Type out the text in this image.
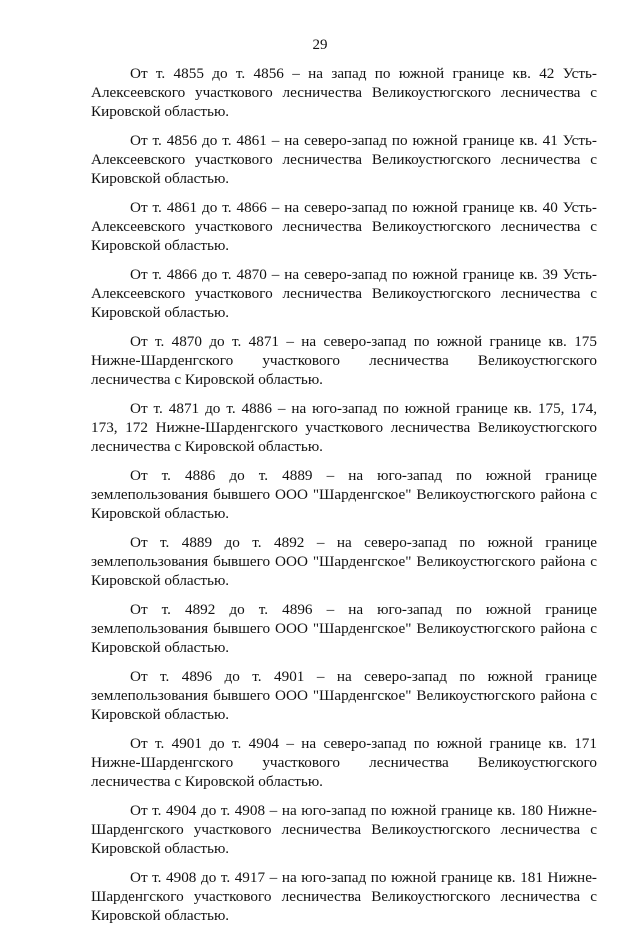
29

От т. 4855 до т. 4856 – на запад по южной границе кв. 42 Усть-Алексеевского участкового лесничества Великоустюгского лесничества с Кировской областью.

От т. 4856 до т. 4861 – на северо-запад по южной границе кв. 41 Усть-Алексеевского участкового лесничества Великоустюгского лесничества с Кировской областью.

От т. 4861 до т. 4866 – на северо-запад по южной границе кв. 40 Усть-Алексеевского участкового лесничества Великоустюгского лесничества с Кировской областью.

От т. 4866 до т. 4870 – на северо-запад по южной границе кв. 39 Усть-Алексеевского участкового лесничества Великоустюгского лесничества с Кировской областью.

От т. 4870 до т. 4871 – на северо-запад по южной границе кв. 175 Нижне-Шарденгского участкового лесничества Великоустюгского лесничества с Кировской областью.

От т. 4871 до т. 4886 – на юго-запад по южной границе кв. 175, 174, 173, 172 Нижне-Шарденгского участкового лесничества Великоустюгского лесничества с Кировской областью.

От т. 4886 до т. 4889 – на юго-запад по южной границе землепользования бывшего ООО "Шарденгское" Великоустюгского района с Кировской областью.

От т. 4889 до т. 4892 – на северо-запад по южной границе землепользования бывшего ООО "Шарденгское" Великоустюгского района с Кировской областью.

От т. 4892 до т. 4896 – на юго-запад по южной границе землепользования бывшего ООО "Шарденгское" Великоустюгского района с Кировской областью.

От т. 4896 до т. 4901 – на северо-запад по южной границе землепользования бывшего ООО "Шарденгское" Великоустюгского района с Кировской областью.

От т. 4901 до т. 4904 – на северо-запад по южной границе кв. 171 Нижне-Шарденгского участкового лесничества Великоустюгского лесничества с Кировской областью.

От т. 4904 до т. 4908 – на юго-запад по южной границе кв. 180 Нижне-Шарденгского участкового лесничества Великоустюгского лесничества с Кировской областью.

От т. 4908 до т. 4917 – на юго-запад по южной границе кв. 181 Нижне-Шарденгского участкового лесничества Великоустюгского лесничества с Кировской областью.
